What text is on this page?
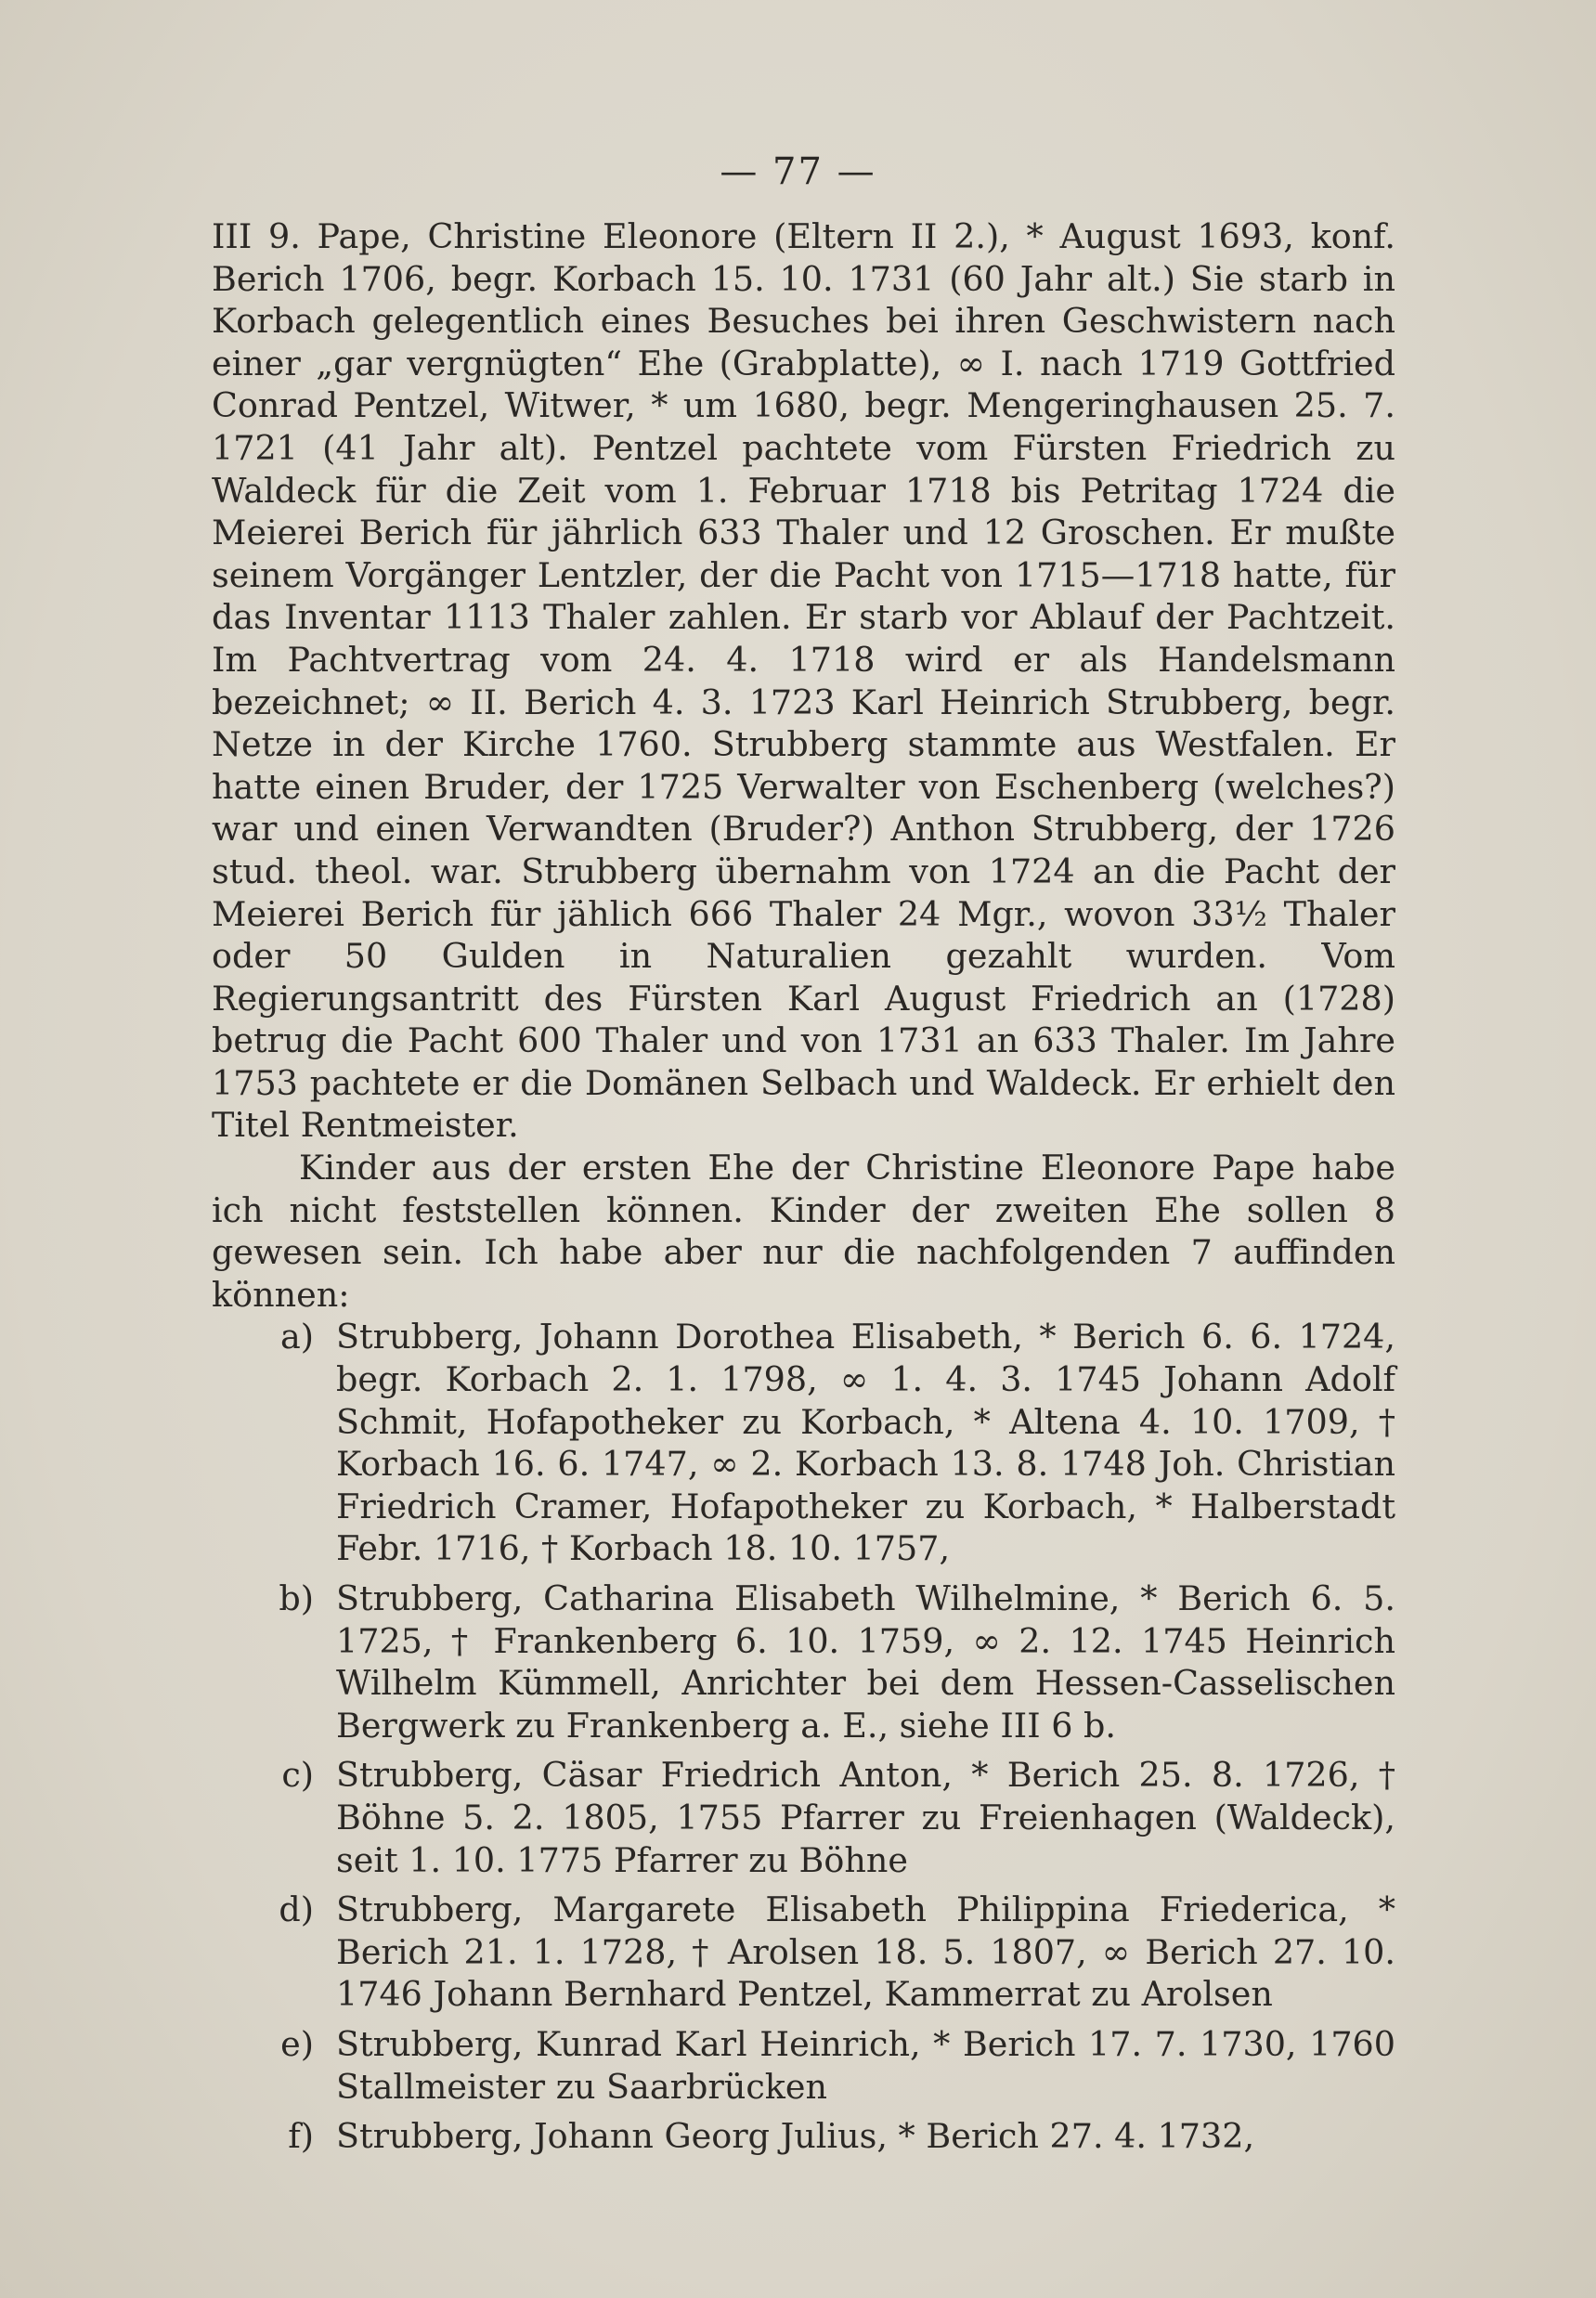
— 77 —

III 9. Pape, Christine Eleonore (Eltern II 2.), * August 1693, konf. Berich 1706, begr. Korbach 15. 10. 1731 (60 Jahr alt.) Sie starb in Korbach gelegentlich eines Besuches bei ihren Geschwistern nach einer „gar vergnügten“ Ehe (Grabplatte), ∞ I. nach 1719 Gottfried Conrad Pentzel, Witwer, * um 1680, begr. Mengeringhausen 25. 7. 1721 (41 Jahr alt). Pentzel pachtete vom Fürsten Friedrich zu Waldeck für die Zeit vom 1. Februar 1718 bis Petritag 1724 die Meierei Berich für jährlich 633 Thaler und 12 Groschen. Er mußte seinem Vorgänger Lentzler, der die Pacht von 1715—1718 hatte, für das Inventar 1113 Thaler zahlen. Er starb vor Ablauf der Pachtzeit. Im Pachtvertrag vom 24. 4. 1718 wird er als Handelsmann bezeichnet; ∞ II. Berich 4. 3. 1723 Karl Heinrich Strubberg, begr. Netze in der Kirche 1760. Strubberg stammte aus Westfalen. Er hatte einen Bruder, der 1725 Verwalter von Eschenberg (welches?) war und einen Verwandten (Bruder?) Anthon Strubberg, der 1726 stud. theol. war. Strubberg übernahm von 1724 an die Pacht der Meierei Berich für jählich 666 Thaler 24 Mgr., wovon 33½ Thaler oder 50 Gulden in Naturalien gezahlt wurden. Vom Regierungsantritt des Fürsten Karl August Friedrich an (1728) betrug die Pacht 600 Thaler und von 1731 an 633 Thaler. Im Jahre 1753 pachtete er die Domänen Selbach und Waldeck. Er erhielt den Titel Rentmeister.

Kinder aus der ersten Ehe der Christine Eleonore Pape habe ich nicht feststellen können. Kinder der zweiten Ehe sollen 8 gewesen sein. Ich habe aber nur die nachfolgenden 7 auffinden können:

a) Strubberg, Johann Dorothea Elisabeth, * Berich 6. 6. 1724, begr. Korbach 2. 1. 1798, ∞ 1. 4. 3. 1745 Johann Adolf Schmit, Hofapotheker zu Korbach, * Altena 4. 10. 1709, † Korbach 16. 6. 1747, ∞ 2. Korbach 13. 8. 1748 Joh. Christian Friedrich Cramer, Hofapotheker zu Korbach, * Halberstadt Febr. 1716, † Korbach 18. 10. 1757,
b) Strubberg, Catharina Elisabeth Wilhelmine, * Berich 6. 5. 1725, † Frankenberg 6. 10. 1759, ∞ 2. 12. 1745 Heinrich Wilhelm Kümmell, Anrichter bei dem Hessen-Casselischen Bergwerk zu Frankenberg a. E., siehe III 6 b.
c) Strubberg, Cäsar Friedrich Anton, * Berich 25. 8. 1726, † Böhne 5. 2. 1805, 1755 Pfarrer zu Freienhagen (Waldeck), seit 1. 10. 1775 Pfarrer zu Böhne
d) Strubberg, Margarete Elisabeth Philippina Friederica, * Berich 21. 1. 1728, † Arolsen 18. 5. 1807, ∞ Berich 27. 10. 1746 Johann Bernhard Pentzel, Kammerrat zu Arolsen
e) Strubberg, Kunrad Karl Heinrich, * Berich 17. 7. 1730, 1760 Stallmeister zu Saarbrücken
f) Strubberg, Johann Georg Julius, * Berich 27. 4. 1732,
